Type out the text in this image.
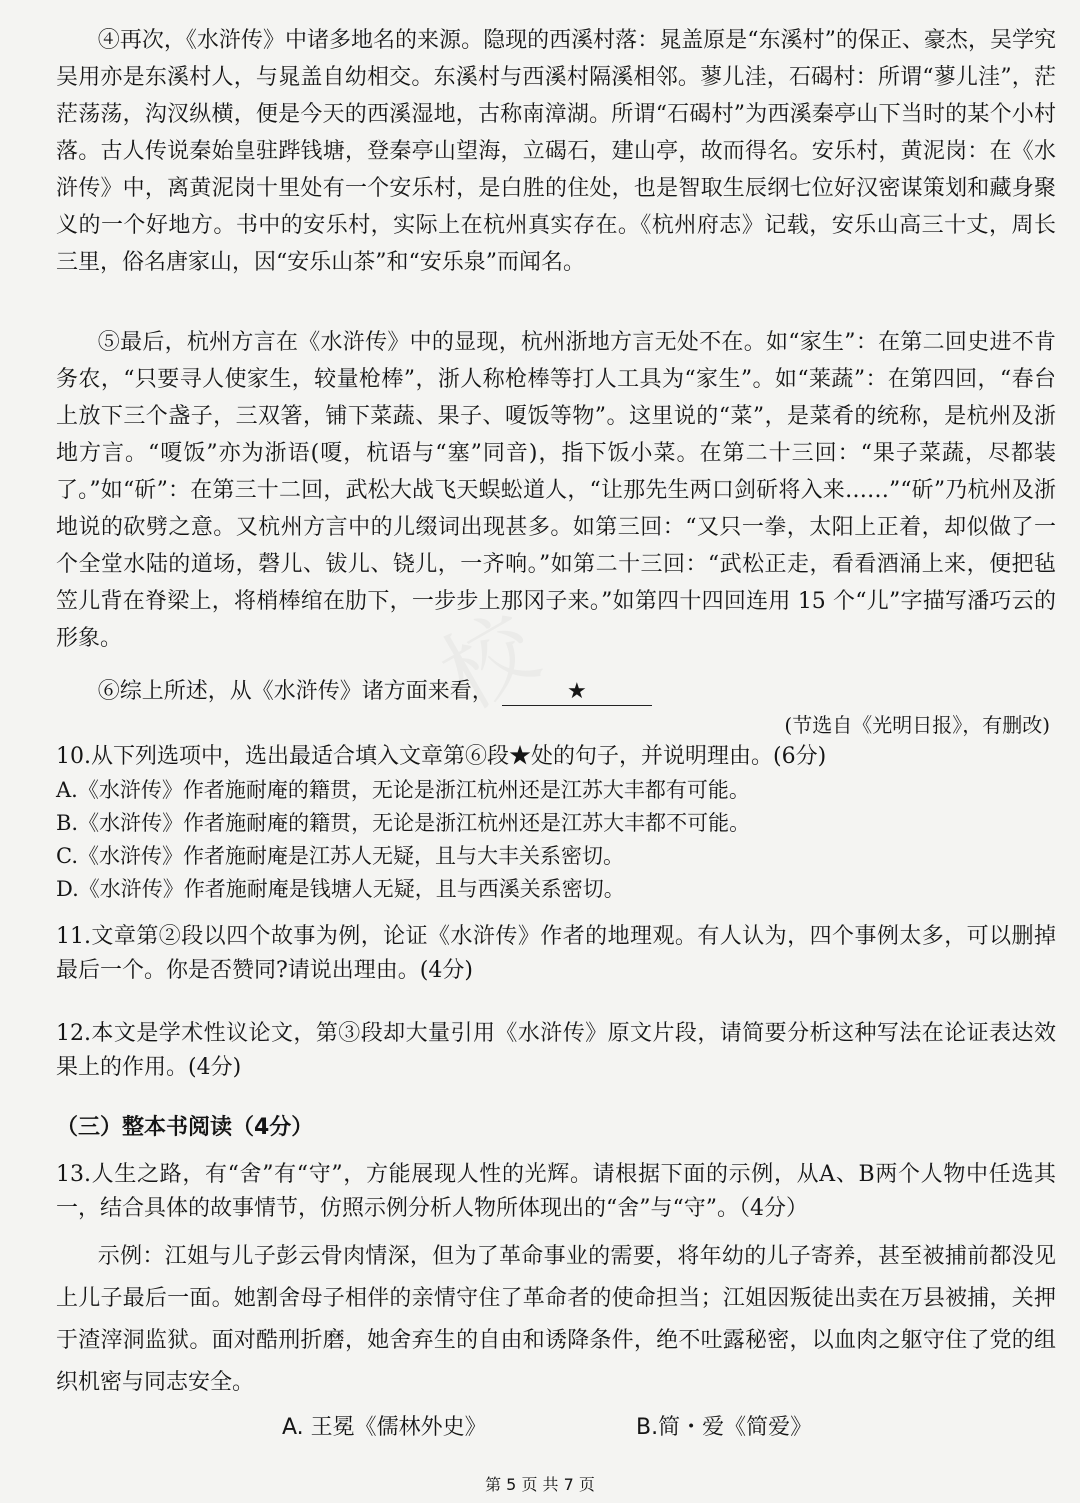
④再次，《水浒传》中诸多地名的来源。隐现的西溪村落：晁盖原是“东溪村”的保正、豪杰，吴学究吴用亦是东溪村人，与晁盖自幼相交。东溪村与西溪村隔溪相邻。蓼儿洼，石碣村：所谓“蓼儿洼”，茫茫荡荡，沟汊纵横，便是今天的西溪湿地，古称南漳湖。所谓“石碣村”为西溪秦亭山下当时的某个小村落。古人传说秦始皇驻跸钱塘，登秦亭山望海，立碣石，建山亭，故而得名。安乐村，黄泥岗：在《水浒传》中，离黄泥岗十里处有一个安乐村，是白胜的住处，也是智取生辰纲七位好汉密谋策划和藏身聚义的一个好地方。书中的安乐村，实际上在杭州真实存在。《杭州府志》记载，安乐山高三十丈，周长三里，俗名唐家山，因“安乐山茶”和“安乐泉”而闻名。

⑤最后，杭州方言在《水浒传》中的显现，杭州浙地方言无处不在。如“家生”：在第二回史进不肯务农，“只要寻人使家生，较量枪棒”，浙人称枪棒等打人工具为“家生”。如“莱蔬”：在第四回，“春台上放下三个盏子，三双箸，铺下菜蔬、果子、嗄饭等物”。这里说的“菜”，是菜肴的统称，是杭州及浙地方言。“嗄饭”亦为浙语(嗄，杭语与“塞”同音)，指下饭小菜。在第二十三回：“果子菜蔬，尽都装了。”如“斫”：在第三十二回，武松大战飞天蜈蚣道人，“让那先生两口剑斫将入来……”“斫”乃杭州及浙地说的砍劈之意。又杭州方言中的儿缀词出现甚多。如第三回：“又只一拳，太阳上正着，却似做了一个全堂水陆的道场，磬儿、钹儿、铙儿，一齐响。”如第二十三回：“武松正走，看看酒涌上来，便把毡笠儿背在脊梁上，将梢棒绾在肋下，一步步上那冈子来。”如第四十四回连用 15 个“儿”字描写潘巧云的形象。

⑥综上所述，从《水浒传》诸方面来看，	★

(节选自《光明日报》，有删改)

10.从下列选项中，选出最适合填入文章第⑥段★处的句子，并说明理由。(6分)

A.《水浒传》作者施耐庵的籍贯，无论是浙江杭州还是江苏大丰都有可能。

B.《水浒传》作者施耐庵的籍贯，无论是浙江杭州还是江苏大丰都不可能。

C.《水浒传》作者施耐庵是江苏人无疑，且与大丰关系密切。

D.《水浒传》作者施耐庵是钱塘人无疑，且与西溪关系密切。

11.文章第②段以四个故事为例，论证《水浒传》作者的地理观。有人认为，四个事例太多，可以删掉最后一个。你是否赞同?请说出理由。(4分)

12.本文是学术性议论文，第③段却大量引用《水浒传》原文片段，请简要分析这种写法在论证表达效果上的作用。(4分)

（三）整本书阅读（4分）

13.人生之路，有“舍”有“守”，方能展现人性的光辉。请根据下面的示例，从A、B两个人物中任选其一，结合具体的故事情节，仿照示例分析人物所体现出的“舍”与“守”。（4分）

示例：江姐与儿子彭云骨肉情深，但为了革命事业的需要，将年幼的儿子寄养，甚至被捕前都没见上儿子最后一面。她割舍母子相伴的亲情守住了革命者的使命担当；江姐因叛徒出卖在万县被捕，关押于渣滓洞监狱。面对酷刑折磨，她舍弃生的自由和诱降条件，绝不吐露秘密，以血肉之躯守住了党的组织机密与同志安全。

A. 王冕《儒林外史》	B.简・爱《简爱》
第 5 页 共 7 页
